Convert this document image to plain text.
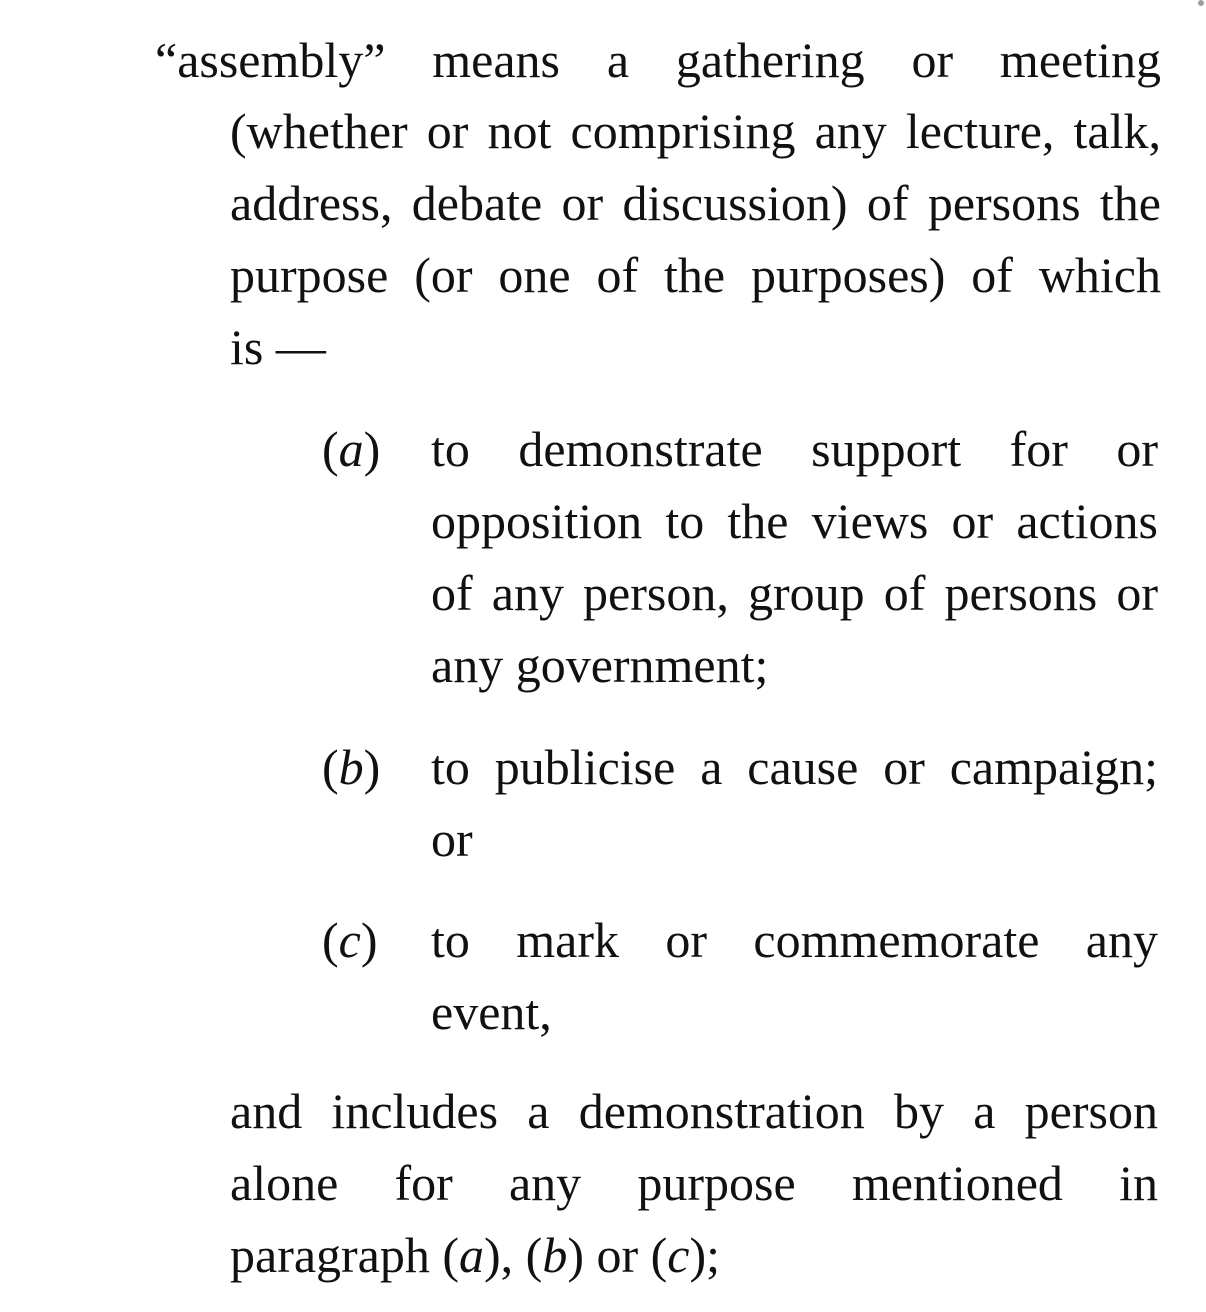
“assembly” means a gathering or meeting
(whether or not comprising any lecture, talk,
address, debate or discussion) of persons the
purpose (or one of the purposes) of which
is —
(a) to demonstrate support for or
opposition to the views or actions
of any person, group of persons or
any government;
(b) to publicise a cause or campaign;
or
(c) to mark or commemorate any
event,
and includes a demonstration by a person
alone for any purpose mentioned in
paragraph (a), (b) or (c);
